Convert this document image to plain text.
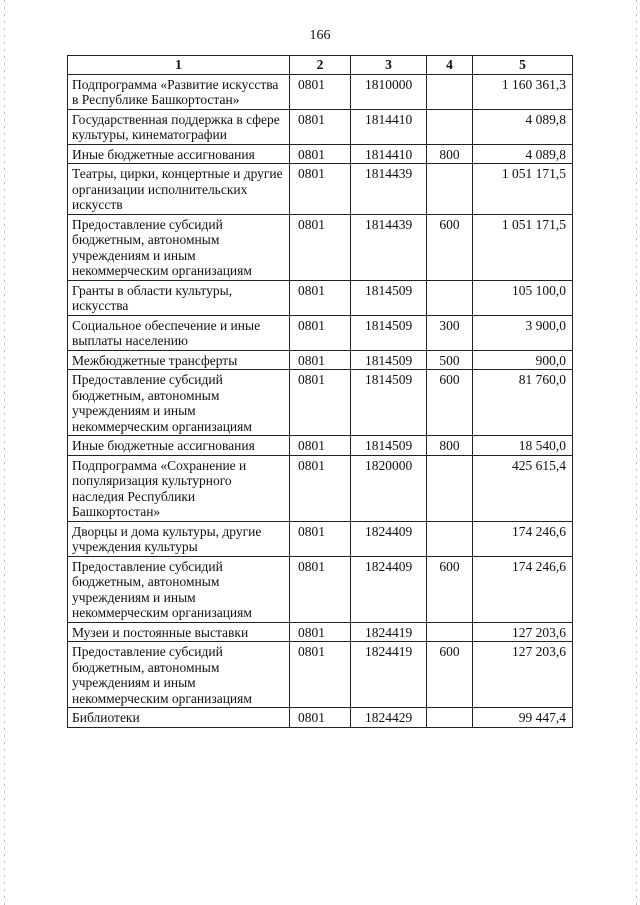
166
1	2	3	4	5
Подпрограмма «Развитие искусства в Республике Башкортостан»	0801	1810000		1 160 361,3
Государственная поддержка в сфере культуры, кинематографии	0801	1814410		4 089,8
Иные бюджетные ассигнования	0801	1814410	800	4 089,8
Театры, цирки, концертные и другие организации исполнительских искусств	0801	1814439		1 051 171,5
Предоставление субсидий бюджетным, автономным учреждениям и иным некоммерческим организациям	0801	1814439	600	1 051 171,5
Гранты в области культуры, искусства	0801	1814509		105 100,0
Социальное обеспечение и иные выплаты населению	0801	1814509	300	3 900,0
Межбюджетные трансферты	0801	1814509	500	900,0
Предоставление субсидий бюджетным, автономным учреждениям и иным некоммерческим организациям	0801	1814509	600	81 760,0
Иные бюджетные ассигнования	0801	1814509	800	18 540,0
Подпрограмма «Сохранение и популяризация культурного наследия Республики Башкортостан»	0801	1820000		425 615,4
Дворцы и дома культуры, другие учреждения культуры	0801	1824409		174 246,6
Предоставление субсидий бюджетным, автономным учреждениям и иным некоммерческим организациям	0801	1824409	600	174 246,6
Музеи и постоянные выставки	0801	1824419		127 203,6
Предоставление субсидий бюджетным, автономным учреждениям и иным некоммерческим организациям	0801	1824419	600	127 203,6
Библиотеки	0801	1824429		99 447,4
